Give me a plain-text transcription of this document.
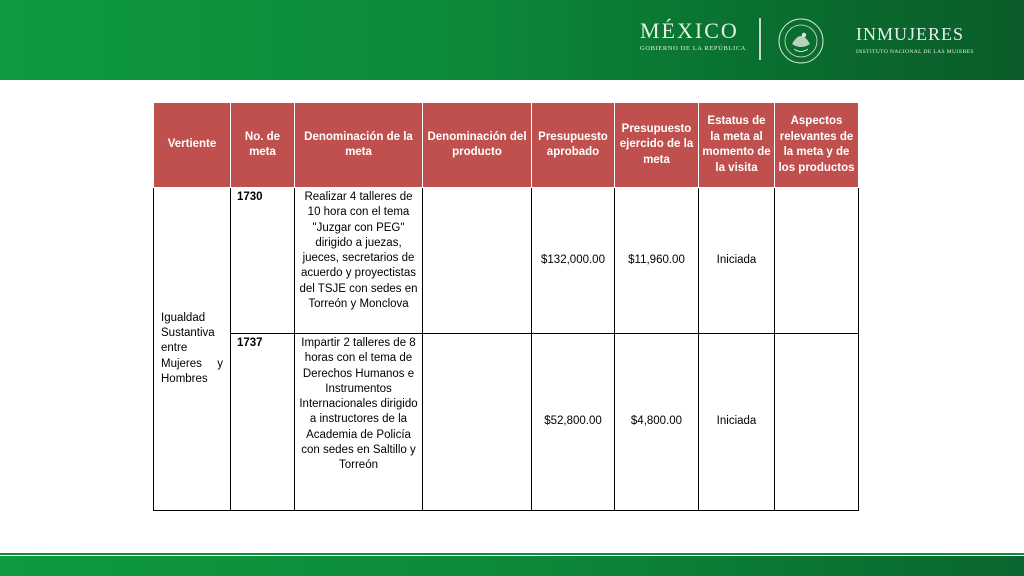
MÉXICO
GOBIERNO DE LA REPÚBLICA
INMUJERES
INSTITUTO NACIONAL DE LAS MUJERES
Vertiente	No. de meta	Denominación de la meta	Denominación del producto	Presupuesto aprobado	Presupuesto ejercido de la meta	Estatus de la meta al momento de la visita	Aspectos relevantes de la meta y de los productos
Igualdad Sustantiva entre Mujeres y Hombres	1730	Realizar 4 talleres de 10 hora con el tema "Juzgar con PEG" dirigido a juezas, jueces, secretarios de acuerdo y proyectistas del TSJE con sedes en Torreón y Monclova		$132,000.00	$11,960.00	Iniciada	
	1737	Impartir 2 talleres de 8 horas con el tema de Derechos Humanos e Instrumentos Internacionales dirigido a instructores de la Academia de Policía con sedes en Saltillo y Torreón		$52,800.00	$4,800.00	Iniciada	
